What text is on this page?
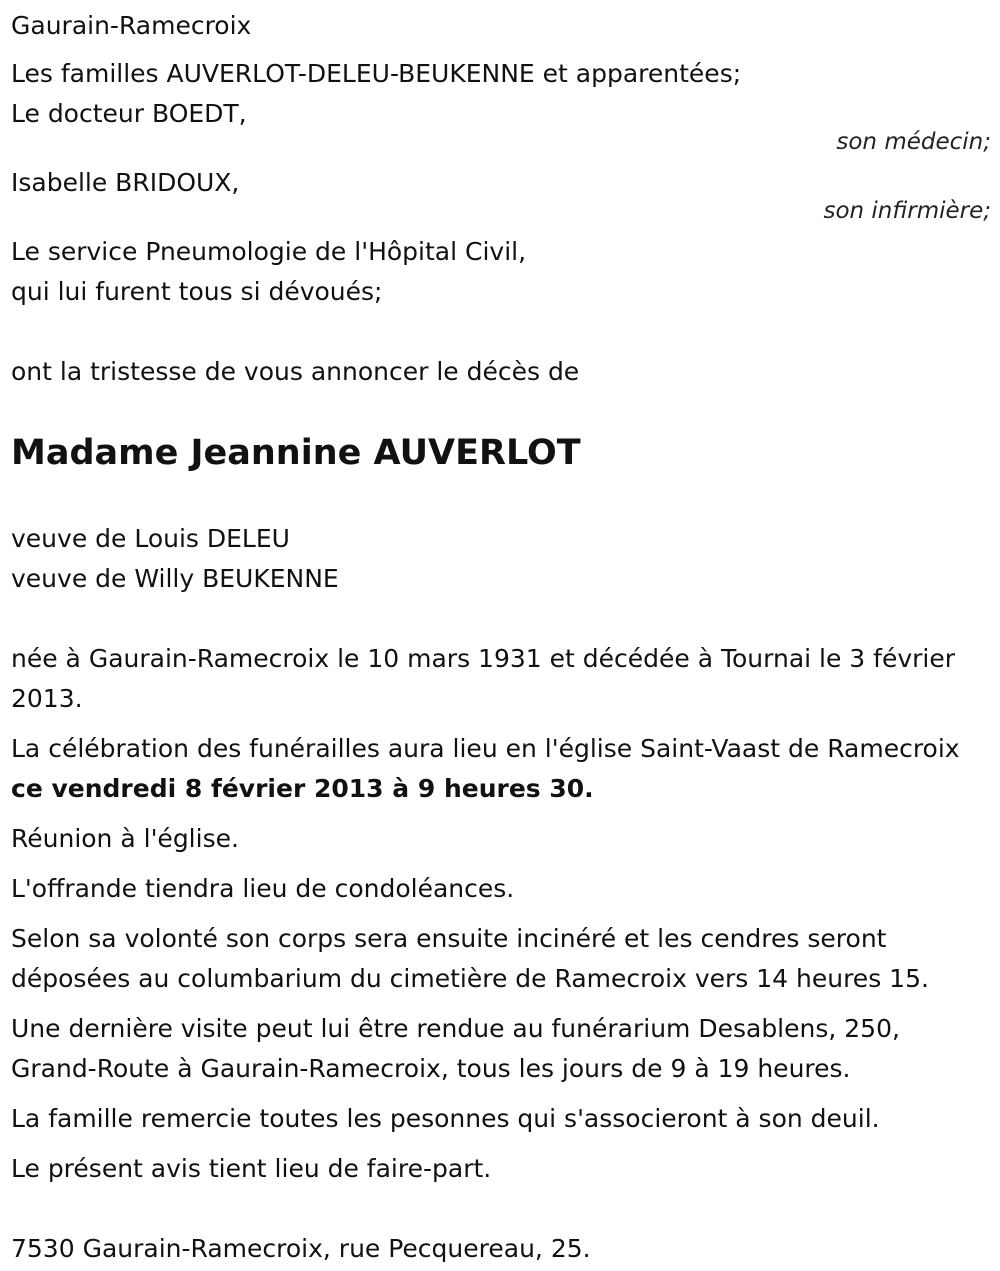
Gaurain-Ramecroix
Les familles AUVERLOT-DELEU-BEUKENNE et apparentées;
Le docteur BOEDT,
son médecin;
Isabelle BRIDOUX,
son infirmière;
Le service Pneumologie de l'Hôpital Civil,
qui lui furent tous si dévoués;
ont la tristesse de vous annoncer le décès de
Madame Jeannine AUVERLOT
veuve de Louis DELEU
veuve de Willy BEUKENNE
née à Gaurain-Ramecroix le 10 mars 1931 et décédée à Tournai le 3 février 2013.
La célébration des funérailles aura lieu en l'église Saint-Vaast de Ramecroix ce vendredi 8 février 2013 à 9 heures 30.
Réunion à l'église.
L'offrande tiendra lieu de condoléances.
Selon sa volonté son corps sera ensuite incinéré et les cendres seront déposées au columbarium du cimetière de Ramecroix vers 14 heures 15.
Une dernière visite peut lui être rendue au funérarium Desablens, 250, Grand-Route à Gaurain-Ramecroix, tous les jours de 9 à 19 heures.
La famille remercie toutes les pesonnes qui s'associeront à son deuil.
Le présent avis tient lieu de faire-part.
7530 Gaurain-Ramecroix, rue Pecquereau, 25.
